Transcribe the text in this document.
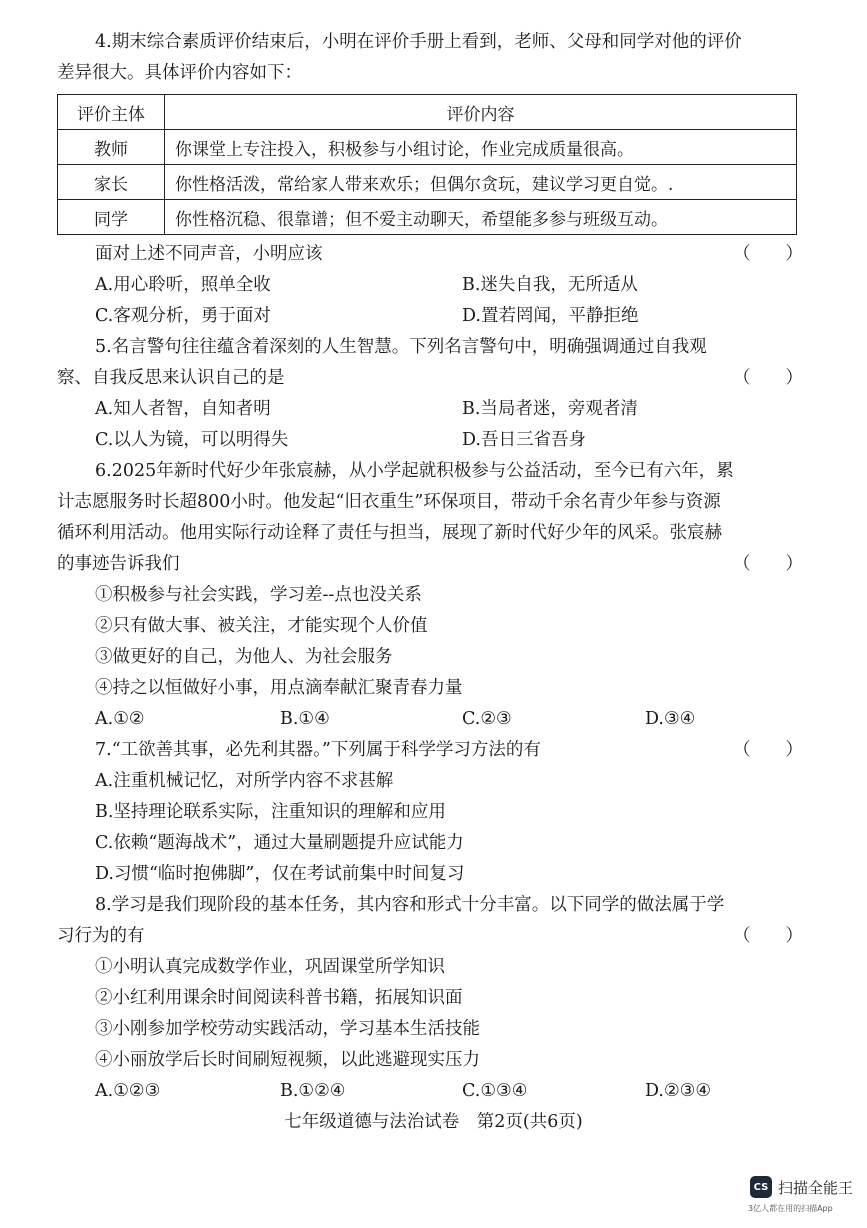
4.期末综合素质评价结束后，小明在评价手册上看到，老师、父母和同学对他的评价
差异很大。具体评价内容如下：
评价主体	评价内容
教师	你课堂上专注投入，积极参与小组讨论，作业完成质量很高。
家长	你性格活泼，常给家人带来欢乐；但偶尔贪玩，建议学习更自觉。.
同学	你性格沉稳、很靠谱；但不爱主动聊天，希望能多参与班级互动。
面对上述不同声音，小明应该	（　　）
A.用心聆听，照单全收	B.迷失自我，无所适从
C.客观分析，勇于面对	D.置若罔闻，平静拒绝
5.名言警句往往蕴含着深刻的人生智慧。下列名言警句中，明确强调通过自我观
察、自我反思来认识自己的是	（　　）
A.知人者智，自知者明	B.当局者迷，旁观者清
C.以人为镜，可以明得失	D.吾日三省吾身
6.2025年新时代好少年张宸赫，从小学起就积极参与公益活动，至今已有六年，累
计志愿服务时长超800小时。他发起“旧衣重生”环保项目，带动千余名青少年参与资源
循环利用活动。他用实际行动诠释了责任与担当，展现了新时代好少年的风采。张宸赫
的事迹告诉我们	（　　）
①积极参与社会实践，学习差--点也没关系
②只有做大事、被关注，才能实现个人价值
③做更好的自己，为他人、为社会服务
④持之以恒做好小事，用点滴奉献汇聚青春力量
A.①②	B.①④	C.②③	D.③④
7.“工欲善其事，必先利其器。”下列属于科学学习方法的有	（　　）
A.注重机械记忆，对所学内容不求甚解
B.坚持理论联系实际，注重知识的理解和应用
C.依赖“题海战术”，通过大量刷题提升应试能力
D.习惯“临时抱佛脚”，仅在考试前集中时间复习
8.学习是我们现阶段的基本任务，其内容和形式十分丰富。以下同学的做法属于学
习行为的有	（　　）
①小明认真完成数学作业，巩固课堂所学知识
②小红利用课余时间阅读科普书籍，拓展知识面
③小刚参加学校劳动实践活动，学习基本生活技能
④小丽放学后长时间刷短视频，以此逃避现实压力
A.①②③	B.①②④	C.①③④	D.②③④
七年级道德与法治试卷　第2页(共6页)
CS 扫描全能王
3亿人都在用的扫描App
